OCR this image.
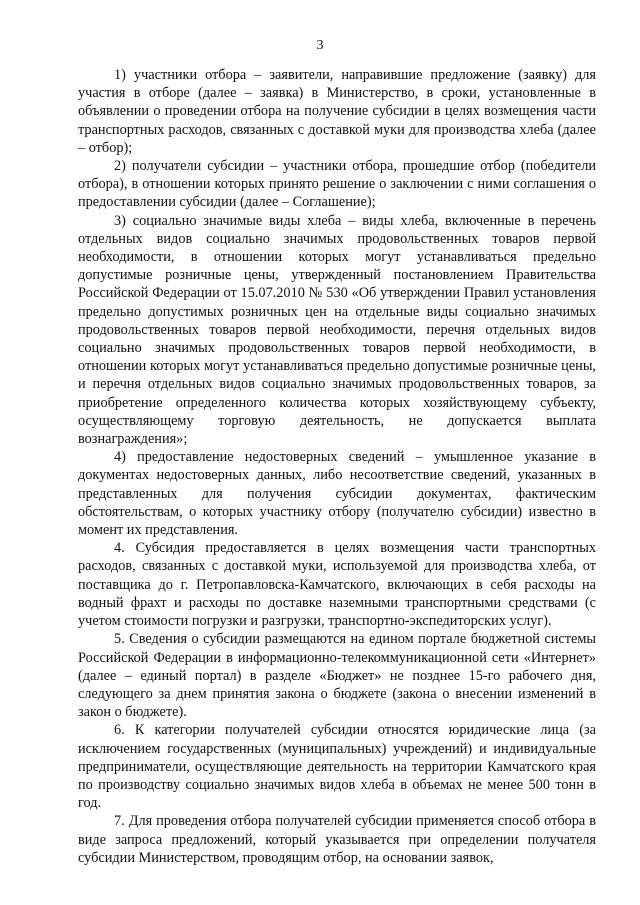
3

1) участники отбора – заявители, направившие предложение (заявку) для участия в отборе (далее – заявка) в Министерство, в сроки, установленные в объявлении о проведении отбора на получение субсидии в целях возмещения части транспортных расходов, связанных с доставкой муки для производства хлеба (далее – отбор);

2) получатели субсидии – участники отбора, прошедшие отбор (победители отбора), в отношении которых принято решение о заключении с ними соглашения о предоставлении субсидии (далее – Соглашение);

3) социально значимые виды хлеба – виды хлеба, включенные в перечень отдельных видов социально значимых продовольственных товаров первой необходимости, в отношении которых могут устанавливаться предельно допустимые розничные цены, утвержденный постановлением Правительства Российской Федерации от 15.07.2010 № 530 «Об утверждении Правил установления предельно допустимых розничных цен на отдельные виды социально значимых продовольственных товаров первой необходимости, перечня отдельных видов социально значимых продовольственных товаров первой необходимости, в отношении которых могут устанавливаться предельно допустимые розничные цены, и перечня отдельных видов социально значимых продовольственных товаров, за приобретение определенного количества которых хозяйствующему субъекту, осуществляющему торговую деятельность, не допускается выплата вознаграждения»;

4) предоставление недостоверных сведений – умышленное указание в документах недостоверных данных, либо несоответствие сведений, указанных в представленных для получения субсидии документах, фактическим обстоятельствам, о которых участнику отбору (получателю субсидии) известно в момент их представления.

4. Субсидия предоставляется в целях возмещения части транспортных расходов, связанных с доставкой муки, используемой для производства хлеба, от поставщика до г. Петропавловска-Камчатского, включающих в себя расходы на водный фрахт и расходы по доставке наземными транспортными средствами (с учетом стоимости погрузки и разгрузки, транспортно-экспедиторских услуг).

5. Сведения о субсидии размещаются на едином портале бюджетной системы Российской Федерации в информационно-телекоммуникационной сети «Интернет» (далее – единый портал) в разделе «Бюджет» не позднее 15-го рабочего дня, следующего за днем принятия закона о бюджете (закона о внесении изменений в закон о бюджете).

6. К категории получателей субсидии относятся юридические лица (за исключением государственных (муниципальных) учреждений) и индивидуальные предприниматели, осуществляющие деятельность на территории Камчатского края по производству социально значимых видов хлеба в объемах не менее 500 тонн в год.

7. Для проведения отбора получателей субсидии применяется способ отбора в виде запроса предложений, который указывается при определении получателя субсидии Министерством, проводящим отбор, на основании заявок,
